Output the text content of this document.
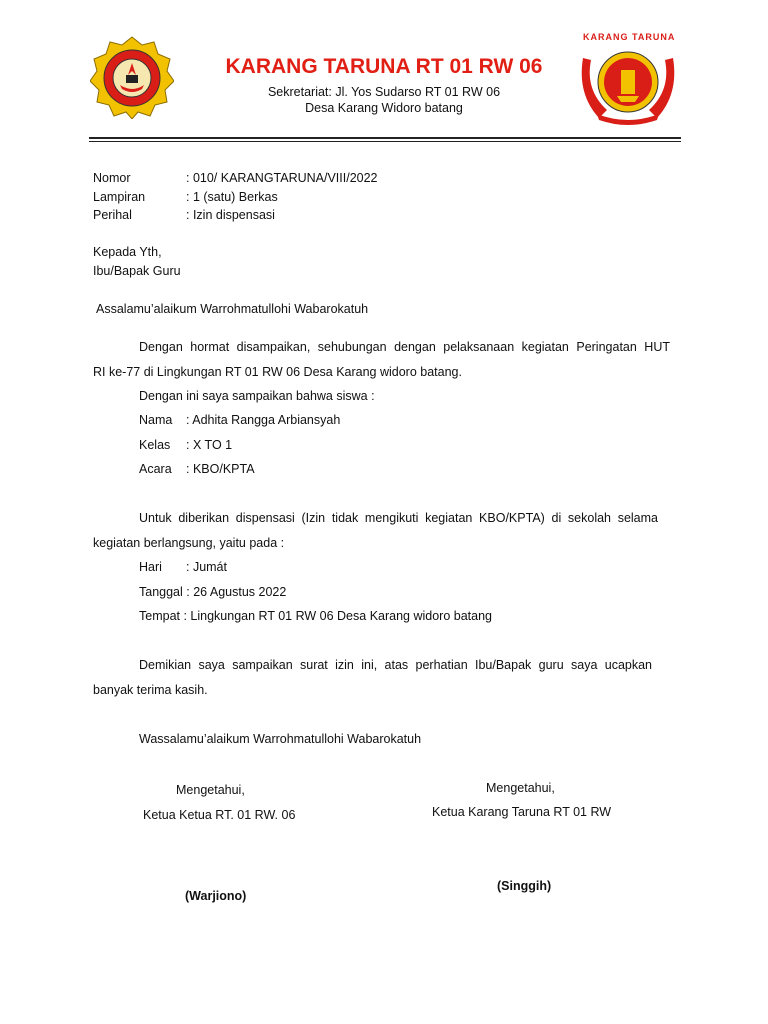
KARANG TARUNA
KARANG TARUNA RT 01 RW 06
Sekretariat: Jl. Yos Sudarso RT 01 RW 06
Desa Karang Widoro batang
Nomor	: 010/ KARANGTARUNA/VIII/2022
Lampiran	: 1 (satu) Berkas
Perihal	: Izin dispensasi
Kepada Yth,
Ibu/Bapak Guru
Assalamu’alaikum Warrohmatullohi Wabarokatuh
Dengan hormat disampaikan, sehubungan dengan pelaksanaan kegiatan Peringatan HUT
RI ke-77 di Lingkungan RT 01 RW 06 Desa Karang widoro batang.
Dengan ini saya sampaikan bahwa siswa :
Nama : Adhita Rangga Arbiansyah
Kelas : X TO 1
Acara : KBO/KPTA
Untuk diberikan dispensasi (Izin tidak mengikuti kegiatan KBO/KPTA) di sekolah selama
kegiatan berlangsung, yaitu pada :
Hari : Jumát
Tanggal : 26 Agustus 2022
Tempat : Lingkungan RT 01 RW 06 Desa Karang widoro batang
Demikian saya sampaikan surat izin ini, atas perhatian Ibu/Bapak guru saya ucapkan
banyak terima kasih.
Wassalamu’alaikum Warrohmatullohi Wabarokatuh
Mengetahui,
Ketua Ketua RT. 01 RW. 06
(Warjiono)
Mengetahui,
Ketua Karang Taruna RT 01 RW
(Singgih)
